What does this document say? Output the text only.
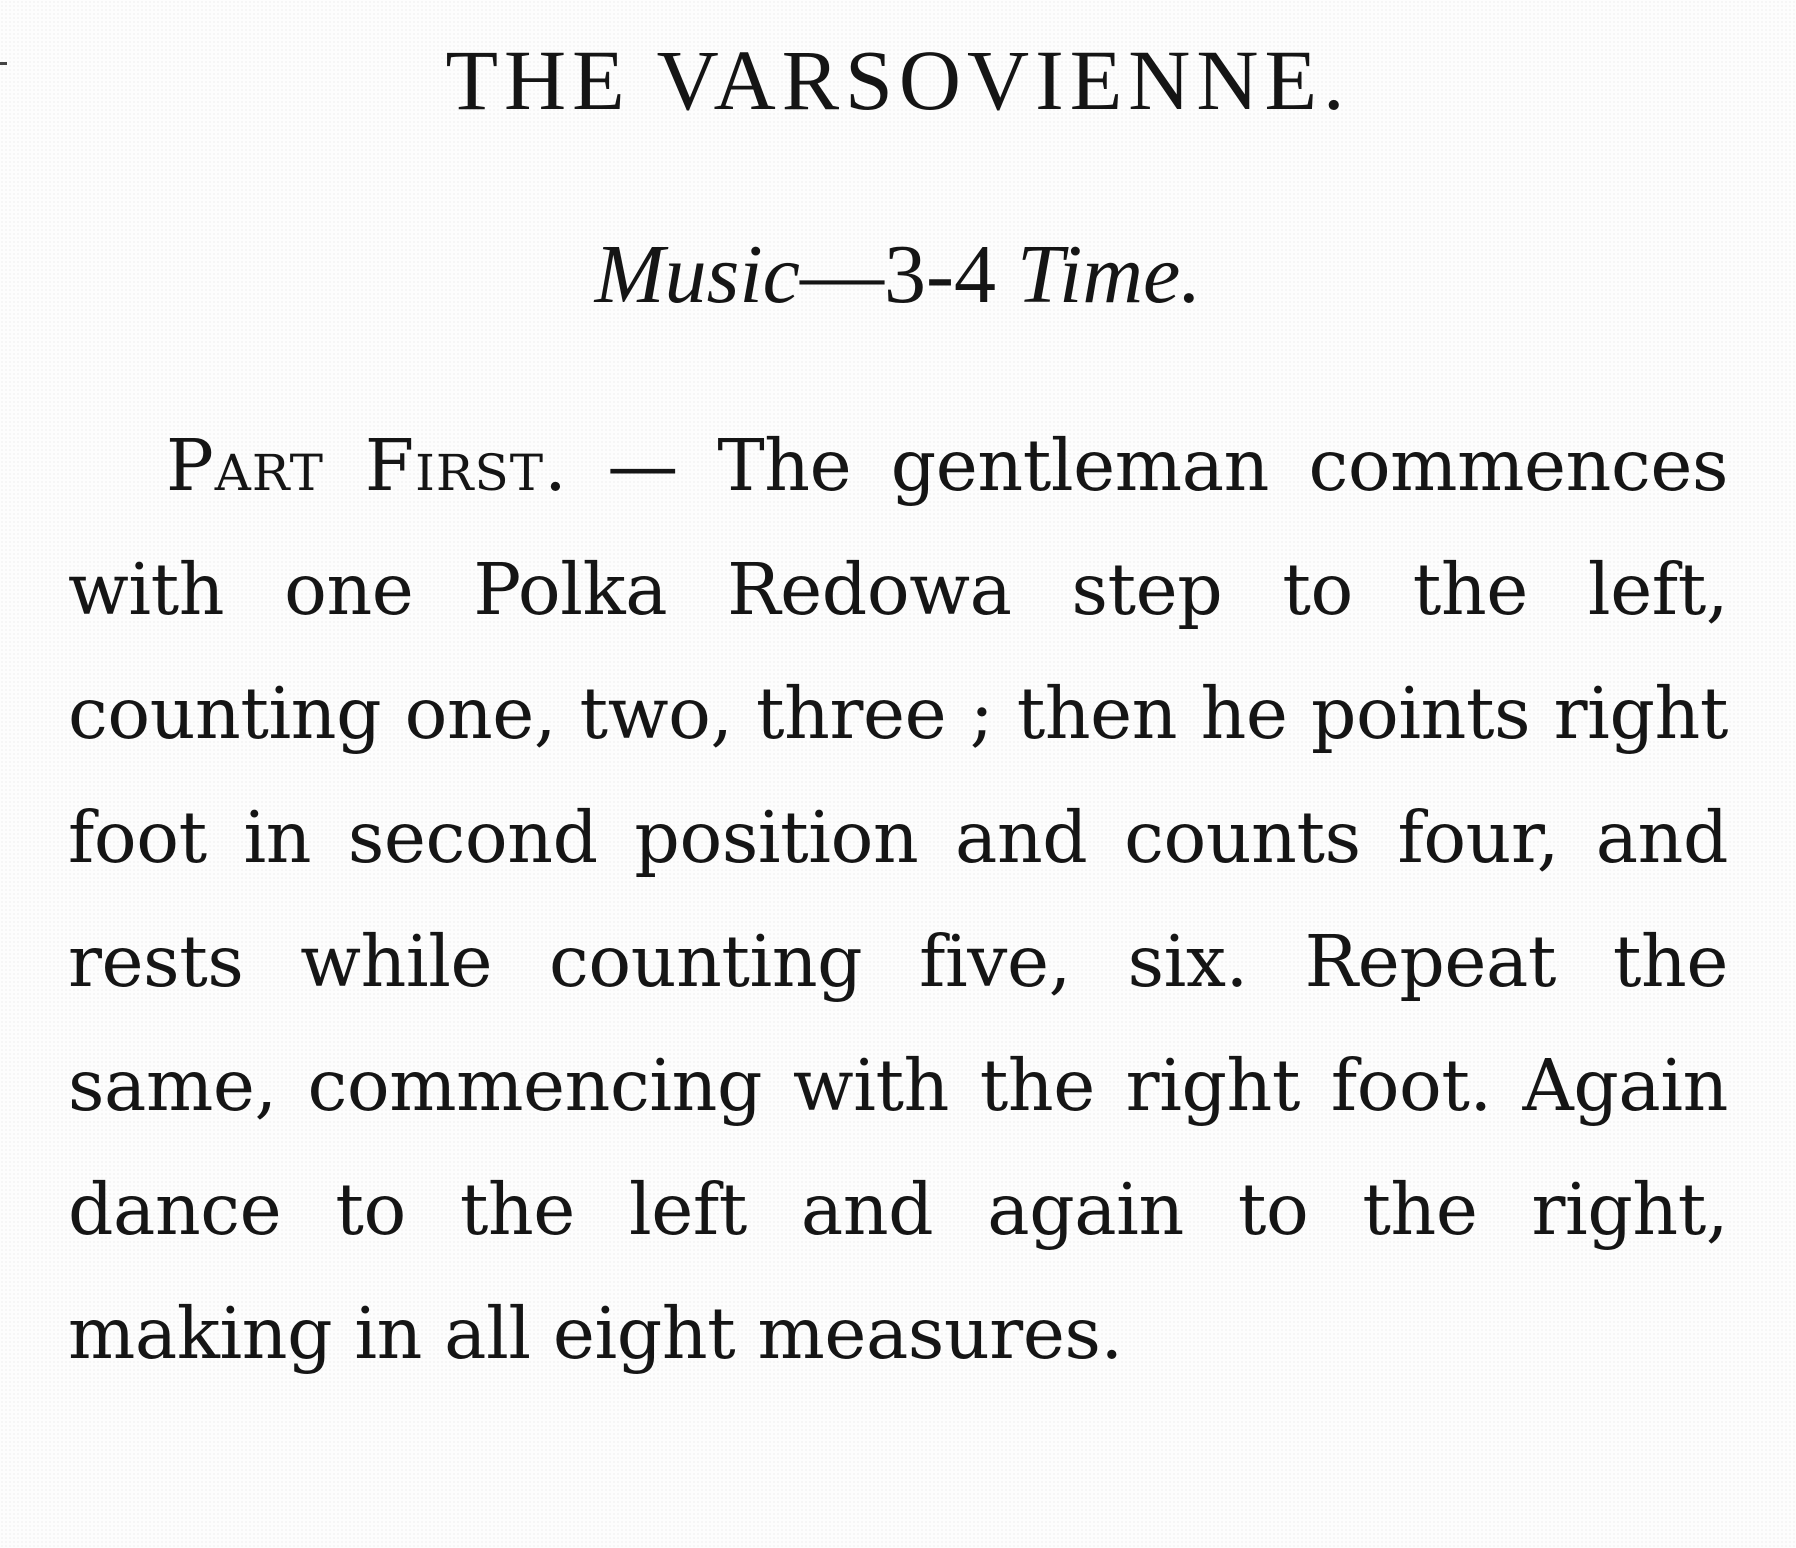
THE VARSOVIENNE.
Music—3-4 Time.

Part First. — The gentleman commences with one Polka Redowa step to the left, counting one, two, three ; then he points right foot in second position and counts four, and rests while counting five, six. Repeat the same, commencing with the right foot. Again dance to the left and again to the right, making in all eight measures.
